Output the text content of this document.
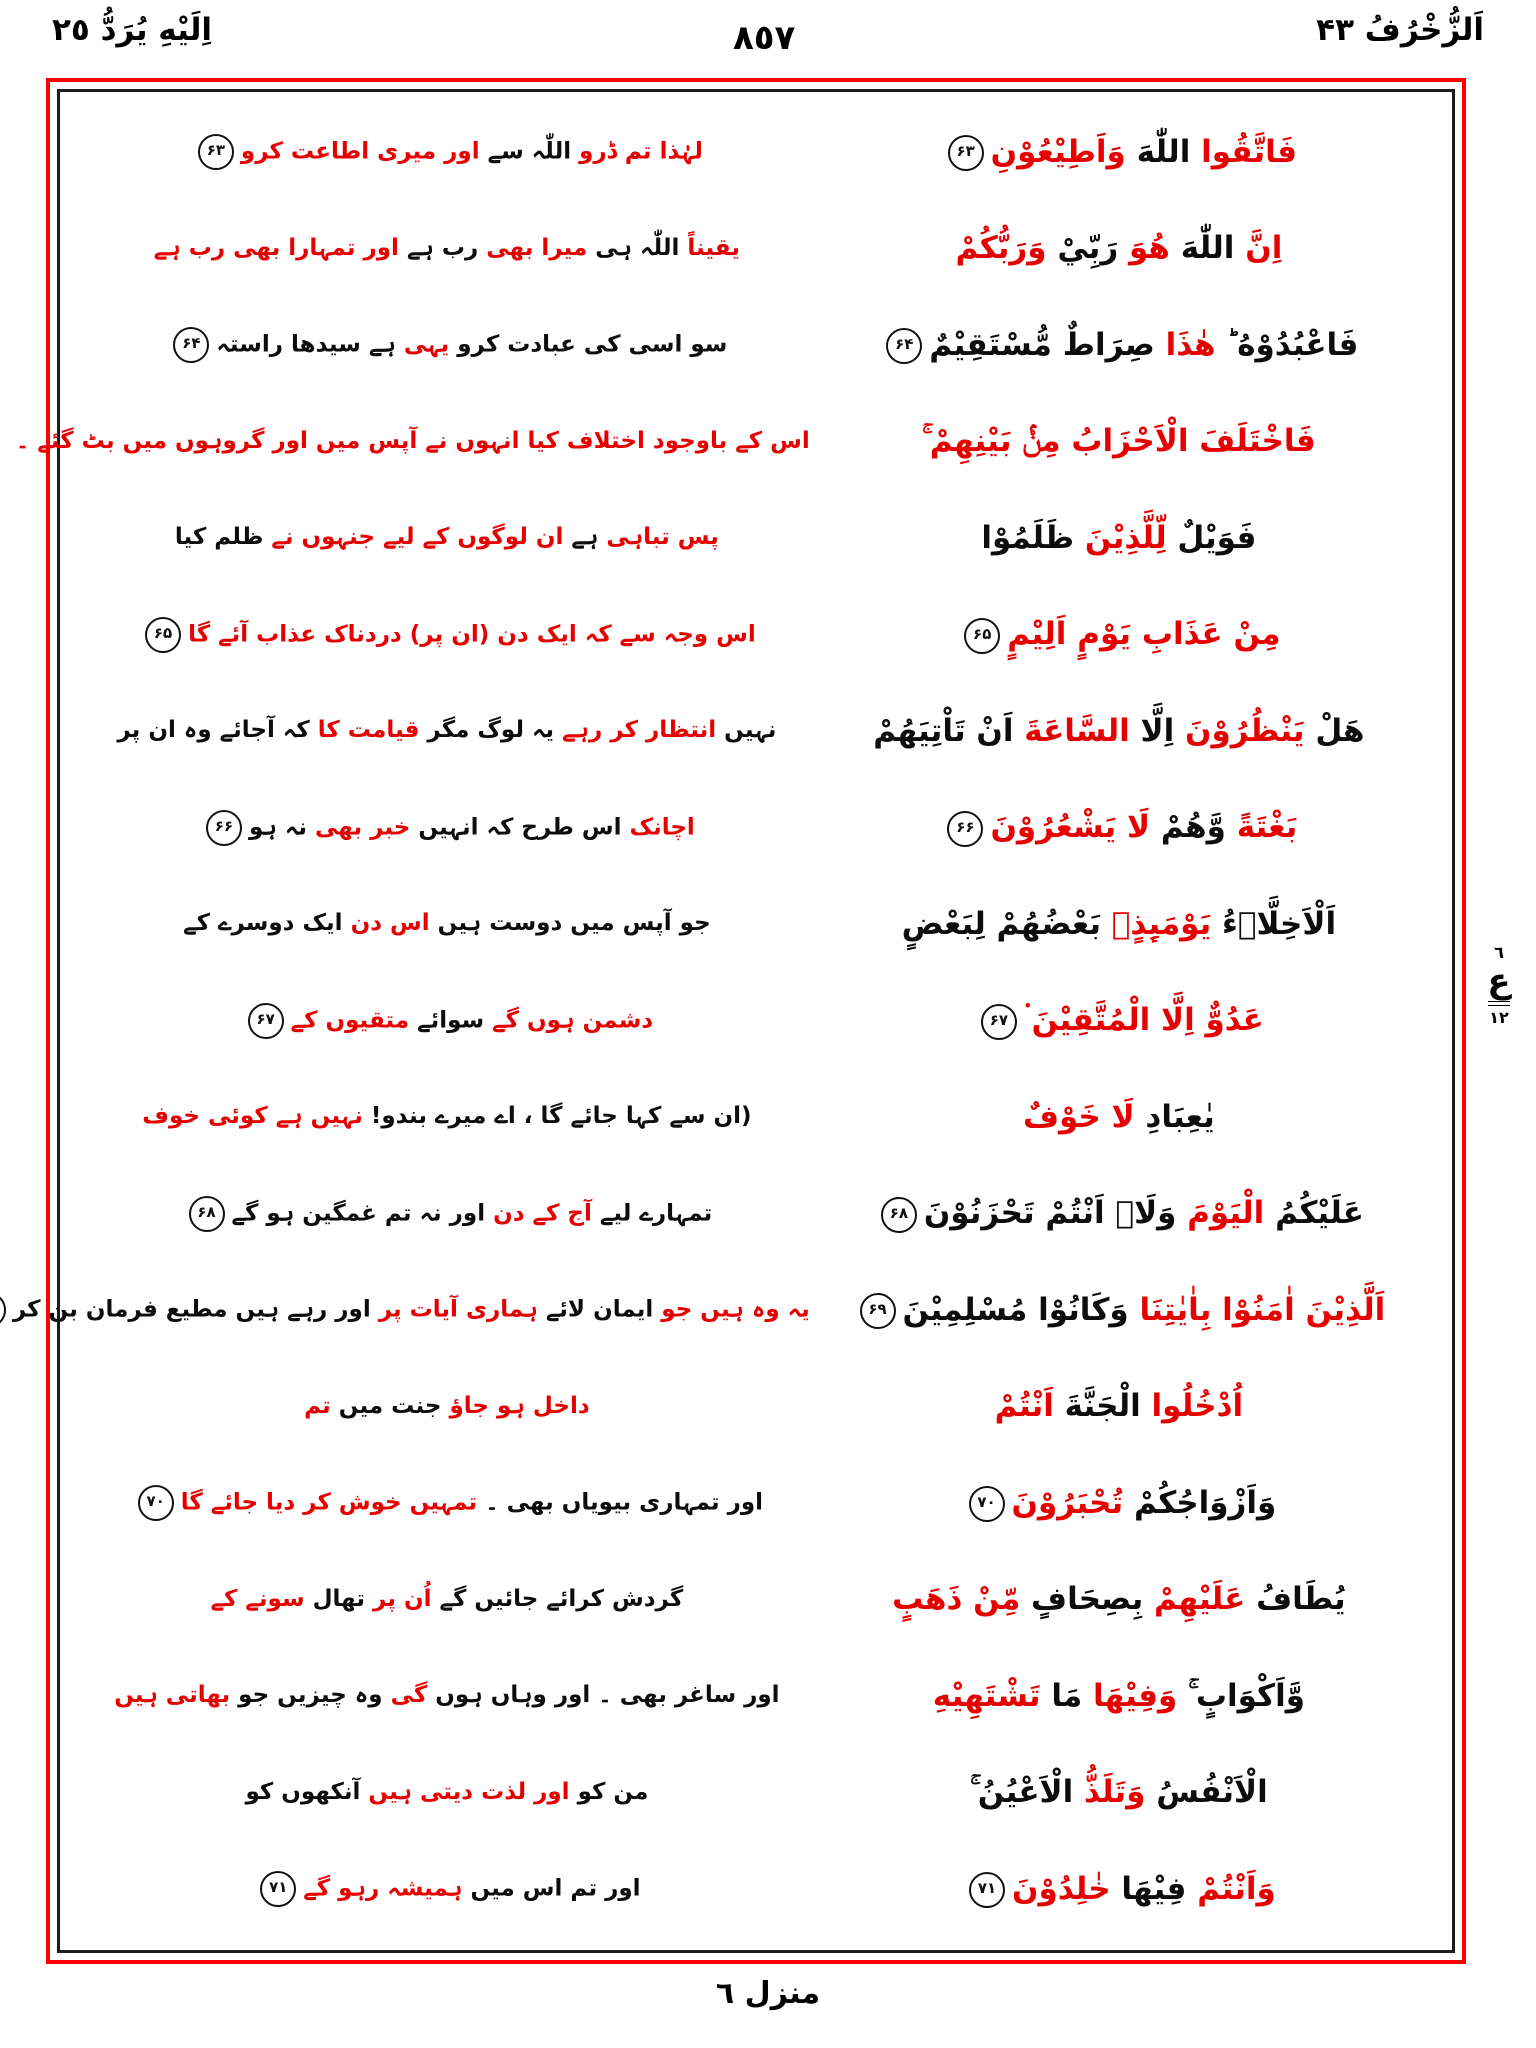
اَلزُّخْرُفُ ۴۳
٨٥٧
اِلَيْهِ يُرَدُّ ٢٥
فَاتَّقُوا اللّٰهَ وَاَطِيْعُوْنِ۶۳
لہٰذا تم ڈرو اللّٰہ سے اور میری اطاعت کرو۶۳
اِنَّ اللّٰهَ هُوَ رَبِّيْ وَرَبُّكُمْ
یقیناً اللّٰہ ہی میرا بھی رب ہے اور تمہارا بھی رب ہے
فَاعْبُدُوْهُ ؕ هٰذَا صِرَاطٌ مُّسْتَقِيْمٌ۶۴
سو اسی کی عبادت کرو یہی ہے سیدھا راستہ۶۴
فَاخْتَلَفَ الْاَحْزَابُ مِنْۢ بَيْنِهِمْ ۚ
اس کے باوجود اختلاف کیا انہوں نے آپس میں اور گروہوں میں بٹ گئے ۔
فَوَيْلٌ لِّلَّذِيْنَ ظَلَمُوْا
پس تباہی ہے ان لوگوں کے لیے جنہوں نے ظلم کیا
مِنْ عَذَابِ يَوْمٍ اَلِيْمٍ۶۵
اس وجہ سے کہ ایک دن (ان پر) دردناک عذاب آئے گا۶۵
هَلْ يَنْظُرُوْنَ اِلَّا السَّاعَةَ اَنْ تَاْتِيَهُمْ
نہیں انتظار کر رہے یہ لوگ مگر قیامت کا کہ آجائے وہ ان پر
بَغْتَةً وَّهُمْ لَا يَشْعُرُوْنَ۶۶
اچانک اس طرح کہ انہیں خبر بھی نہ ہو۶۶
اَلْاَخِلَّاۤءُ يَوْمَىِٕذٍۭ بَعْضُهُمْ لِبَعْضٍ
جو آپس میں دوست ہیں اس دن ایک دوسرے کے
عَدُوٌّ اِلَّا الْمُتَّقِيْنَ ۬۶۷
دشمن ہوں گے سوائے متقیوں کے۶۷
يٰعِبَادِ لَا خَوْفٌ
(ان سے کہا جائے گا ، اے میرے بندو! نہیں ہے کوئی خوف
عَلَيْكُمُ الْيَوْمَ وَلَاۤ اَنْتُمْ تَحْزَنُوْنَ۶۸
تمہارے لیے آج کے دن اور نہ تم غمگین ہو گے۶۸
اَلَّذِيْنَ اٰمَنُوْا بِاٰيٰتِنَا وَكَانُوْا مُسْلِمِيْنَ۶۹
یہ وہ ہیں جو ایمان لائے ہماری آیات پر اور رہے ہیں مطیع فرمان بن کر
اُدْخُلُوا الْجَنَّةَ اَنْتُمْ
داخل ہو جاؤ جنت میں تم
وَاَزْوَاجُكُمْ تُحْبَرُوْنَ۷۰
اور تمہاری بیویاں بھی ۔ تمہیں خوش کر دیا جائے گا۷۰
يُطَافُ عَلَيْهِمْ بِصِحَافٍ مِّنْ ذَهَبٍ
گردش کرائے جائیں گے اُن پر تھال سونے کے
وَّاَكْوَابٍ ۚ وَفِيْهَا مَا تَشْتَهِيْهِ
اور ساغر بھی ۔ اور وہاں ہوں گی وہ چیزیں جو بھاتی ہیں
الْاَنْفُسُ وَتَلَذُّ الْاَعْيُنُ ۚ
من کو اور لذت دیتی ہیں آنکھوں کو
وَاَنْتُمْ فِيْهَا خٰلِدُوْنَ۷۱
اور تم اس میں ہمیشہ رہو گے۷۱
٦
ع
١٢
منزل ٦
